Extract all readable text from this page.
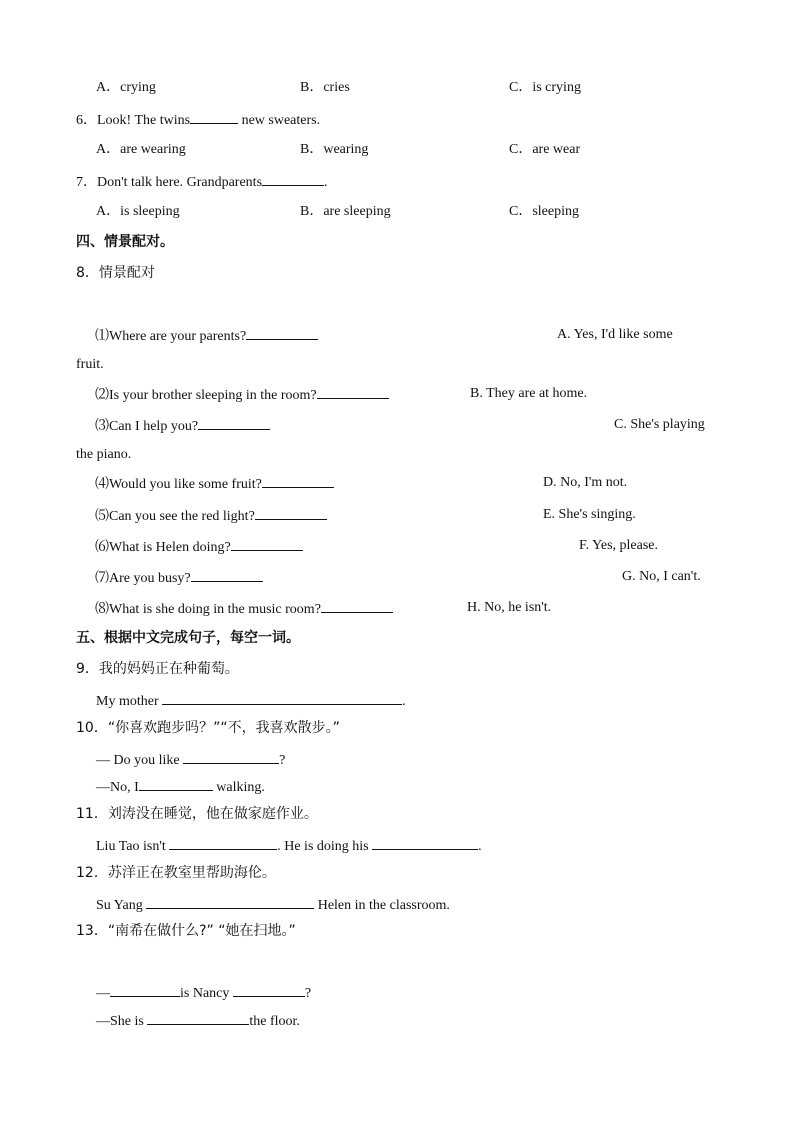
A．crying	B．cries	C．is crying
6．Look! The twins	new sweaters.
A．are wearing	B．wearing	C．are wear
7．Don't talk here. Grandparents	.
A．is sleeping	B．are sleeping	C．sleeping
四、情景配对。
8．情景配对
⑴Where are your parents?	A. Yes, I'd like some
fruit.
⑵Is your brother sleeping in the room?	B. They are at home.
⑶Can I help you?	C. She's playing
the piano.
⑷Would you like some fruit?	D. No, I'm not.
⑸Can you see the red light?	E. She's singing.
⑹What is Helen doing?	F. Yes, please.
⑺Are you busy?	G. No, I can't.
⑻What is she doing in the music room?	H. No, he isn't.
五、根据中文完成句子，每空一词。
9．我的妈妈正在种葡萄。
My mother	.
10．“你喜欢跑步吗？”“不，我喜欢散步。”
— Do you like	?
—No, I	walking.
11．刘涛没在睡觉，他在做家庭作业。
Liu Tao isn't	. He is doing his	.
12．苏洋正在教室里帮助海伦。
Su Yang	Helen in the classroom.
13．“南希在做什么?” “她在扫地。”
—	is Nancy	?
—She is	the floor.
